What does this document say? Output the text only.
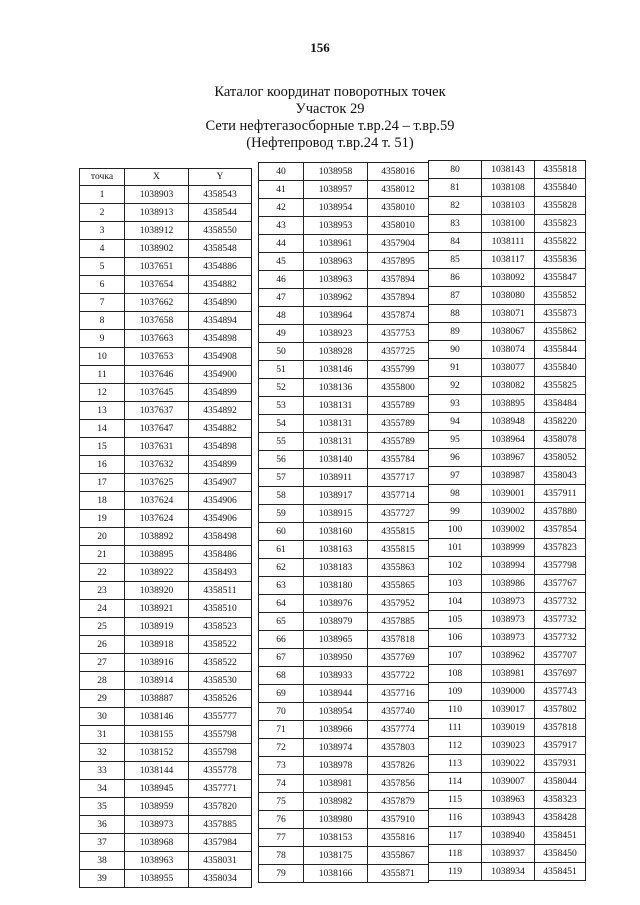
156
Каталог координат поворотных точек
Участок 29
Сети нефтегазосборные т.вр.24 – т.вр.59
(Нефтепровод т.вр.24 т. 51)
точка	X	Y
1	1038903	4358543
2	1038913	4358544
3	1038912	4358550
4	1038902	4358548
5	1037651	4354886
6	1037654	4354882
7	1037662	4354890
8	1037658	4354894
9	1037663	4354898
10	1037653	4354908
11	1037646	4354900
12	1037645	4354899
13	1037637	4354892
14	1037647	4354882
15	1037631	4354898
16	1037632	4354899
17	1037625	4354907
18	1037624	4354906
19	1037624	4354906
20	1038892	4358498
21	1038895	4358486
22	1038922	4358493
23	1038920	4358511
24	1038921	4358510
25	1038919	4358523
26	1038918	4358522
27	1038916	4358522
28	1038914	4358530
29	1038887	4358526
30	1038146	4355777
31	1038155	4355798
32	1038152	4355798
33	1038144	4355778
34	1038945	4357771
35	1038959	4357820
36	1038973	4357885
37	1038968	4357984
38	1038963	4358031
39	1038955	4358034
40	1038958	4358016
41	1038957	4358012
42	1038954	4358010
43	1038953	4358010
44	1038961	4357904
45	1038963	4357895
46	1038963	4357894
47	1038962	4357894
48	1038964	4357874
49	1038923	4357753
50	1038928	4357725
51	1038146	4355799
52	1038136	4355800
53	1038131	4355789
54	1038131	4355789
55	1038131	4355789
56	1038140	4355784
57	1038911	4357717
58	1038917	4357714
59	1038915	4357727
60	1038160	4355815
61	1038163	4355815
62	1038183	4355863
63	1038180	4355865
64	1038976	4357952
65	1038979	4357885
66	1038965	4357818
67	1038950	4357769
68	1038933	4357722
69	1038944	4357716
70	1038954	4357740
71	1038966	4357774
72	1038974	4357803
73	1038978	4357826
74	1038981	4357856
75	1038982	4357879
76	1038980	4357910
77	1038153	4355816
78	1038175	4355867
79	1038166	4355871
80	1038143	4355818
81	1038108	4355840
82	1038103	4355828
83	1038100	4355823
84	1038111	4355822
85	1038117	4355836
86	1038092	4355847
87	1038080	4355852
88	1038071	4355873
89	1038067	4355862
90	1038074	4355844
91	1038077	4355840
92	1038082	4355825
93	1038895	4358484
94	1038948	4358220
95	1038964	4358078
96	1038967	4358052
97	1038987	4358043
98	1039001	4357911
99	1039002	4357880
100	1039002	4357854
101	1038999	4357823
102	1038994	4357798
103	1038986	4357767
104	1038973	4357732
105	1038973	4357732
106	1038973	4357732
107	1038962	4357707
108	1038981	4357697
109	1039000	4357743
110	1039017	4357802
111	1039019	4357818
112	1039023	4357917
113	1039022	4357931
114	1039007	4358044
115	1038963	4358323
116	1038943	4358428
117	1038940	4358451
118	1038937	4358450
119	1038934	4358451
